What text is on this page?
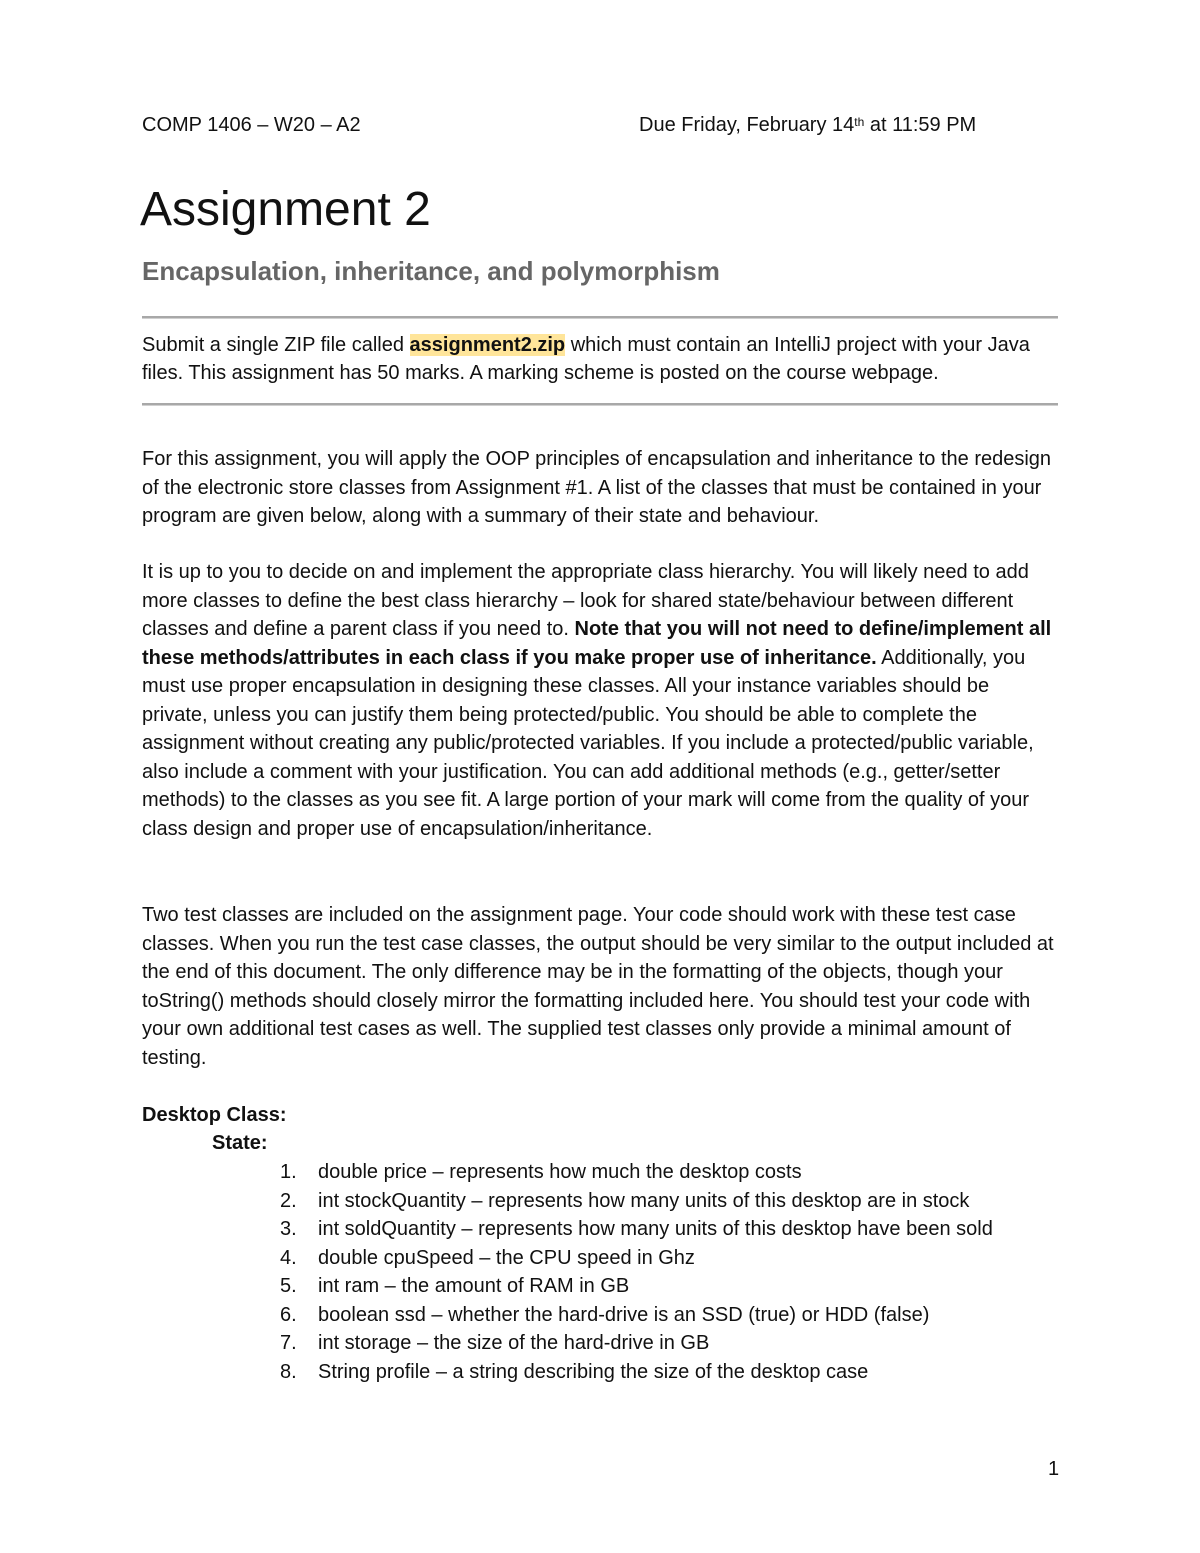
COMP 1406 – W20 – A2	Due Friday, February 14th at 11:59 PM
Assignment 2
Encapsulation, inheritance, and polymorphism
Submit a single ZIP file called assignment2.zip which must contain an IntelliJ project with your Java files. This assignment has 50 marks. A marking scheme is posted on the course webpage.

For this assignment, you will apply the OOP principles of encapsulation and inheritance to the redesign of the electronic store classes from Assignment #1. A list of the classes that must be contained in your program are given below, along with a summary of their state and behaviour.

It is up to you to decide on and implement the appropriate class hierarchy. You will likely need to add more classes to define the best class hierarchy – look for shared state/behaviour between different classes and define a parent class if you need to. Note that you will not need to define/implement all these methods/attributes in each class if you make proper use of inheritance. Additionally, you must use proper encapsulation in designing these classes. All your instance variables should be private, unless you can justify them being protected/public. You should be able to complete the assignment without creating any public/protected variables. If you include a protected/public variable, also include a comment with your justification. You can add additional methods (e.g., getter/setter methods) to the classes as you see fit. A large portion of your mark will come from the quality of your class design and proper use of encapsulation/inheritance.

Two test classes are included on the assignment page. Your code should work with these test case classes. When you run the test case classes, the output should be very similar to the output included at the end of this document. The only difference may be in the formatting of the objects, though your toString() methods should closely mirror the formatting included here. You should test your code with your own additional test cases as well. The supplied test classes only provide a minimal amount of testing.

Desktop Class:
State:
1.	double price – represents how much the desktop costs
2.	int stockQuantity – represents how many units of this desktop are in stock
3.	int soldQuantity – represents how many units of this desktop have been sold
4.	double cpuSpeed – the CPU speed in Ghz
5.	int ram – the amount of RAM in GB
6.	boolean ssd – whether the hard-drive is an SSD (true) or HDD (false)
7.	int storage – the size of the hard-drive in GB
8.	String profile – a string describing the size of the desktop case
1
